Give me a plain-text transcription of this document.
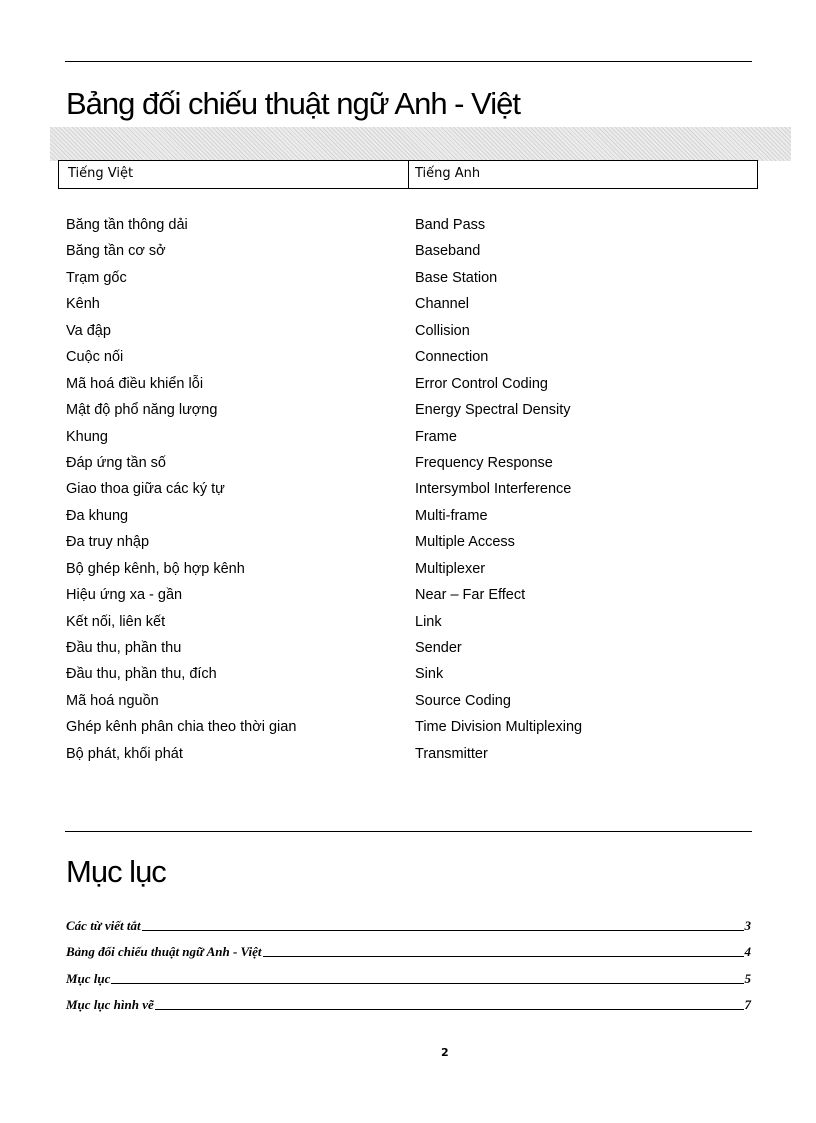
Bảng đối chiếu thuật ngữ Anh - Việt
Tiếng Việt	Tiếng Anh
Băng tần thông dải	Band Pass
Băng tần cơ sở	Baseband
Trạm gốc	Base Station
Kênh	Channel
Va đập	Collision
Cuộc nối	Connection
Mã hoá điều khiển lỗi	Error Control Coding
Mật độ phổ năng lượng	Energy Spectral Density
Khung	Frame
Đáp ứng tần số	Frequency Response
Giao thoa giữa các ký tự	Intersymbol Interference
Đa khung	Multi-frame
Đa truy nhập	Multiple Access
Bộ ghép kênh, bộ hợp kênh	Multiplexer
Hiệu ứng xa - gần	Near – Far Effect
Kết nối, liên kết	Link
Đầu thu, phần thu	Sender
Đầu thu, phần thu, đích	Sink
Mã hoá nguồn	Source Coding
Ghép kênh phân chia theo thời gian	Time Division Multiplexing
Bộ phát, khối phát	Transmitter
Mục lục
Các từ viết tắt	3
Bảng đối chiếu thuật ngữ Anh - Việt	4
Mục lục	5
Mục lục hình vẽ	7
2
